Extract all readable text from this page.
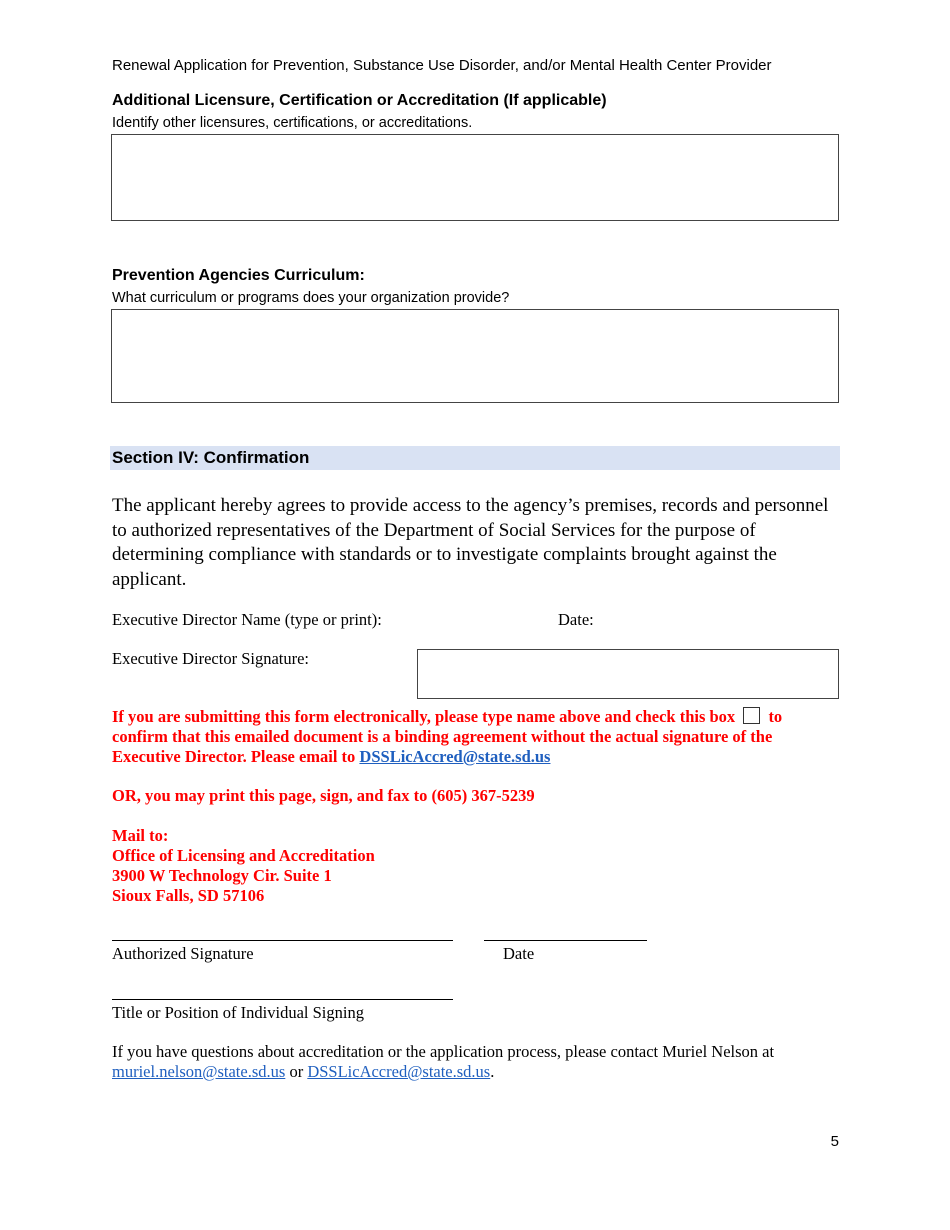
Renewal Application for Prevention, Substance Use Disorder, and/or Mental Health Center Provider
Additional Licensure, Certification or Accreditation (If applicable)
Identify other licensures, certifications, or accreditations.
Prevention Agencies Curriculum:
What curriculum or programs does your organization provide?
Section IV: Confirmation
The applicant hereby agrees to provide access to the agency’s premises, records and personnel to authorized representatives of the Department of Social Services for the purpose of determining compliance with standards or to investigate complaints brought against the applicant.
Executive Director Name (type or print):	Date:
Executive Director Signature:
If you are submitting this form electronically, please type name above and check this box to confirm that this emailed document is a binding agreement without the actual signature of the Executive Director. Please email to DSSLicAccred@state.sd.us
OR, you may print this page, sign, and fax to (605) 367-5239
Mail to:
Office of Licensing and Accreditation
3900 W Technology Cir. Suite 1
Sioux Falls, SD 57106
Authorized Signature	Date
Title or Position of Individual Signing
If you have questions about accreditation or the application process, please contact Muriel Nelson at muriel.nelson@state.sd.us or DSSLicAccred@state.sd.us.
5
